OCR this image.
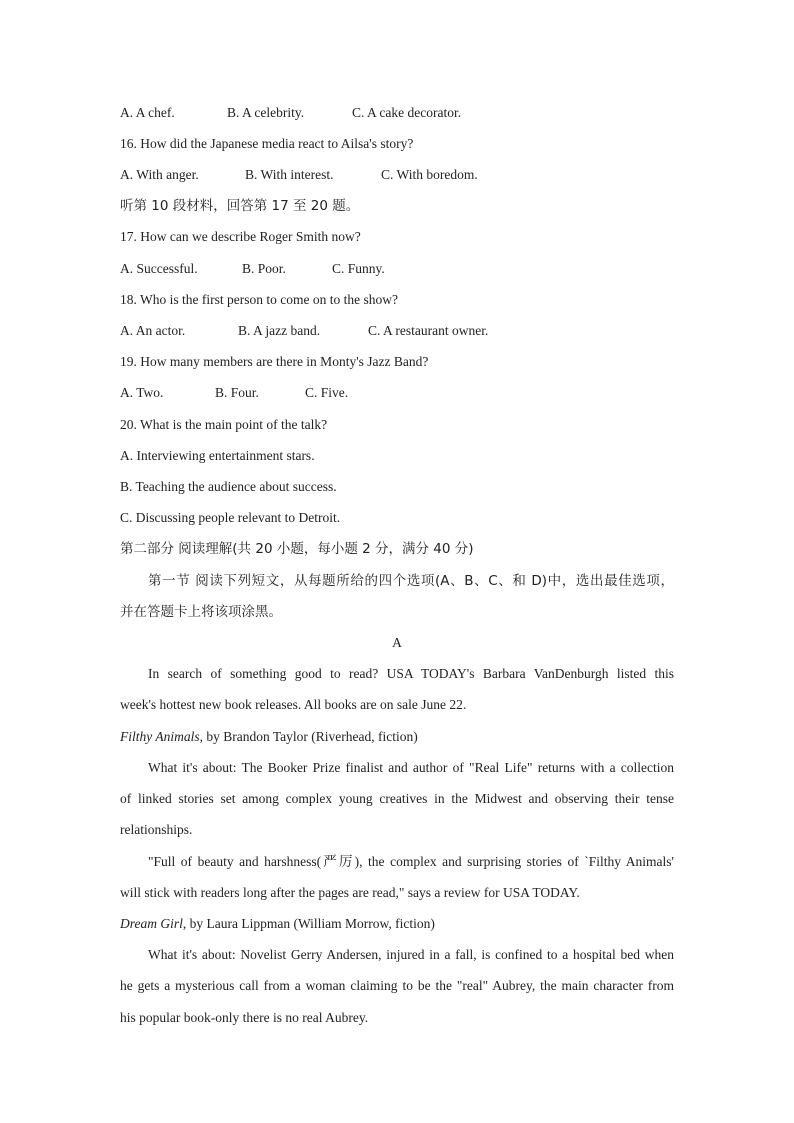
A. A chef.	B. A celebrity.	C. A cake decorator.
16. How did the Japanese media react to Ailsa's story?
A. With anger.	B. With interest.	C. With boredom.
听第 10 段材料，回答第 17 至 20 题。
17. How can we describe Roger Smith now?
A. Successful.	B. Poor.	C. Funny.
18. Who is the first person to come on to the show?
A. An actor.	B. A jazz band.	C. A restaurant owner.
19. How many members are there in Monty's Jazz Band?
A. Two.	B. Four.	C. Five.
20. What is the main point of the talk?
A. Interviewing entertainment stars.
B. Teaching the audience about success.
C. Discussing people relevant to Detroit.
第二部分 阅读理解(共 20 小题，每小题 2 分，满分 40 分)
第一节 阅读下列短文，从每题所给的四个选项(A、B、C、和 D)中，选出最佳选项，
并在答题卡上将该项涂黑。
A
In search of something good to read? USA TODAY's Barbara VanDenburgh listed this
week's hottest new book releases. All books are on sale June 22.
Filthy Animals, by Brandon Taylor (Riverhead, fiction)
What it's about: The Booker Prize finalist and author of "Real Life" returns with a collection
of linked stories set among complex young creatives in the Midwest and observing their tense
relationships.
"Full of beauty and harshness(严厉), the complex and surprising stories of `Filthy Animals'
will stick with readers long after the pages are read," says a review for USA TODAY.
Dream Girl, by Laura Lippman (William Morrow, fiction)
What it's about: Novelist Gerry Andersen, injured in a fall, is confined to a hospital bed when
he gets a mysterious call from a woman claiming to be the "real" Aubrey, the main character from
his popular book-only there is no real Aubrey.
